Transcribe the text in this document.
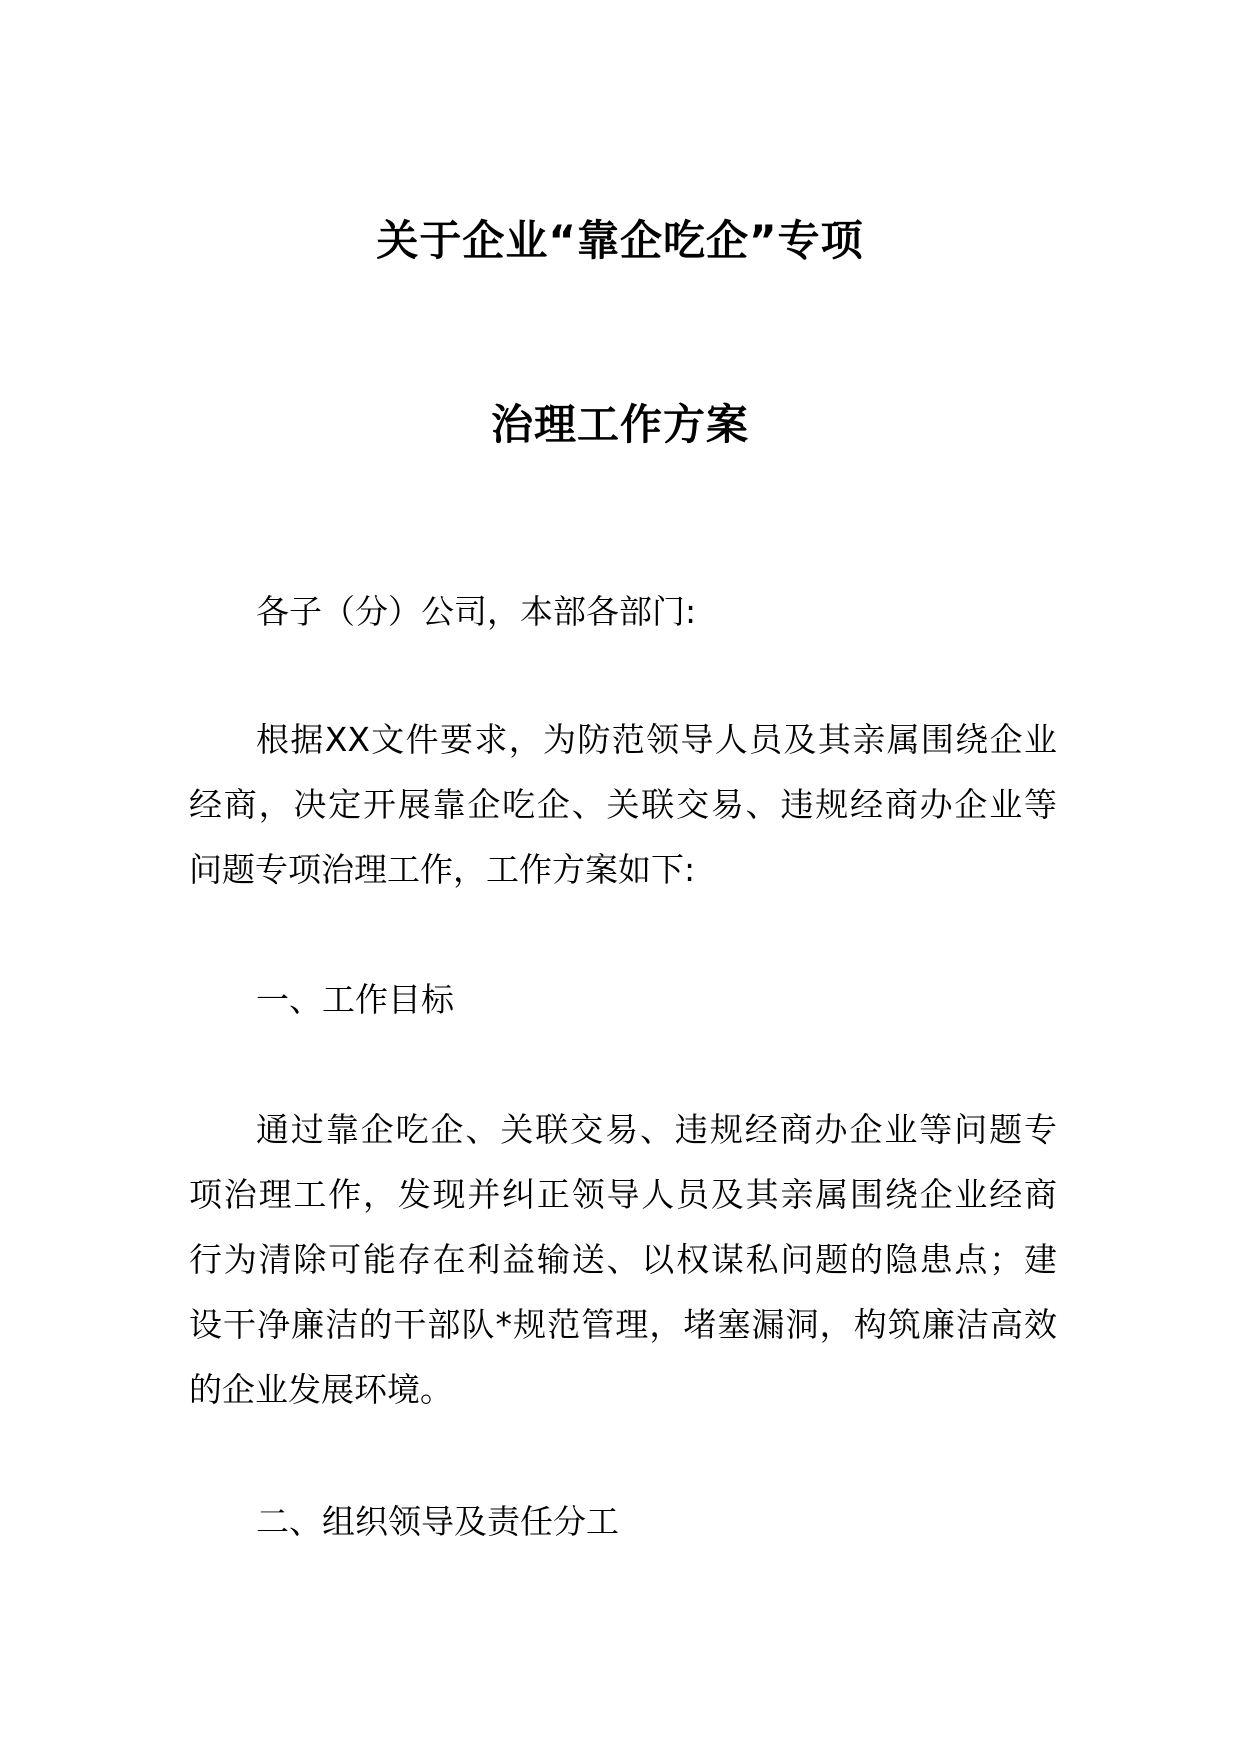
关于企业“靠企吃企”专项
治理工作方案
各子（分）公司，本部各部门:
根据XX文件要求，为防范领导人员及其亲属围绕企业
经商，决定开展靠企吃企、关联交易、违规经商办企业等
问题专项治理工作，工作方案如下:
一、工作目标
通过靠企吃企、关联交易、违规经商办企业等问题专
项治理工作，发现并纠正领导人员及其亲属围绕企业经商
行为清除可能存在利益输送、以权谋私问题的隐患点；建
设干净廉洁的干部队*规范管理，堵塞漏洞，构筑廉洁高效
的企业发展环境。
二、组织领导及责任分工
